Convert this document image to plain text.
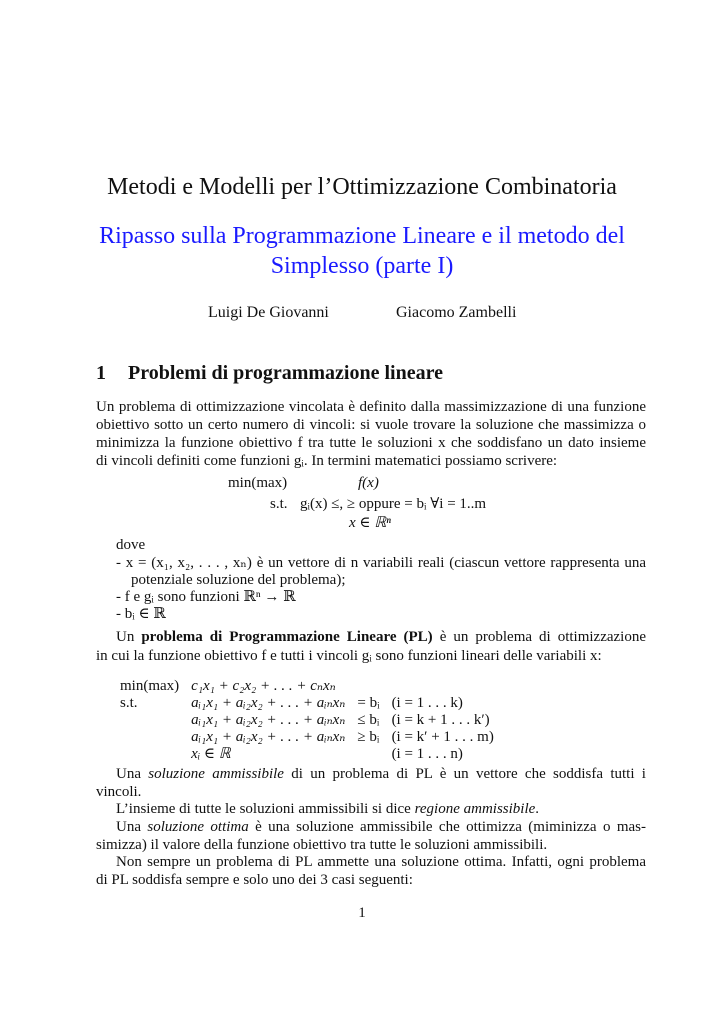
Metodi e Modelli per l’Ottimizzazione Combinatoria
Ripasso sulla Programmazione Lineare e il metodo del
Simplesso (parte I)
Luigi De Giovanni	Giacomo Zambelli
1 Problemi di programmazione lineare
Un problema di ottimizzazione vincolata è definito dalla massimizzazione di una funzione
obiettivo sotto un certo numero di vincoli: si vuole trovare la soluzione che massimizza o
minimizza la funzione obiettivo f tra tutte le soluzioni x che soddisfano un dato insieme
di vincoli definiti come funzioni gᵢ. In termini matematici possiamo scrivere:
min(max)	f(x)
s.t. gᵢ(x) ≤, ≥ oppure = bᵢ ∀i = 1..m
x ∈ ℝⁿ
dove
- x = (x₁, x₂, . . . , xₙ) è un vettore di n variabili reali (ciascun vettore rappresenta una
potenziale soluzione del problema);
- f e gᵢ sono funzioni ℝⁿ → ℝ
- bᵢ ∈ ℝ
Un problema di Programmazione Lineare (PL) è un problema di ottimizzazione
in cui la funzione obiettivo f e tutti i vincoli gᵢ sono funzioni lineari delle variabili x:
min(max)	c₁x₁ + c₂x₂ + . . . + cₙxₙ		
s.t.	aᵢ₁x₁ + aᵢ₂x₂ + . . . + aᵢₙxₙ	= bᵢ	(i = 1 . . . k)
	aᵢ₁x₁ + aᵢ₂x₂ + . . . + aᵢₙxₙ	≤ bᵢ	(i = k + 1 . . . k′)
	aᵢ₁x₁ + aᵢ₂x₂ + . . . + aᵢₙxₙ	≥ bᵢ	(i = k′ + 1 . . . m)
	xᵢ ∈ ℝ		(i = 1 . . . n)
Una soluzione ammissibile di un problema di PL è un vettore che soddisfa tutti i
vincoli.
L’insieme di tutte le soluzioni ammissibili si dice regione ammissibile.
Una soluzione ottima è una soluzione ammissibile che ottimizza (miminizza o mas-
simizza) il valore della funzione obiettivo tra tutte le soluzioni ammissibili.
Non sempre un problema di PL ammette una soluzione ottima. Infatti, ogni problema
di PL soddisfa sempre e solo uno dei 3 casi seguenti:
1
